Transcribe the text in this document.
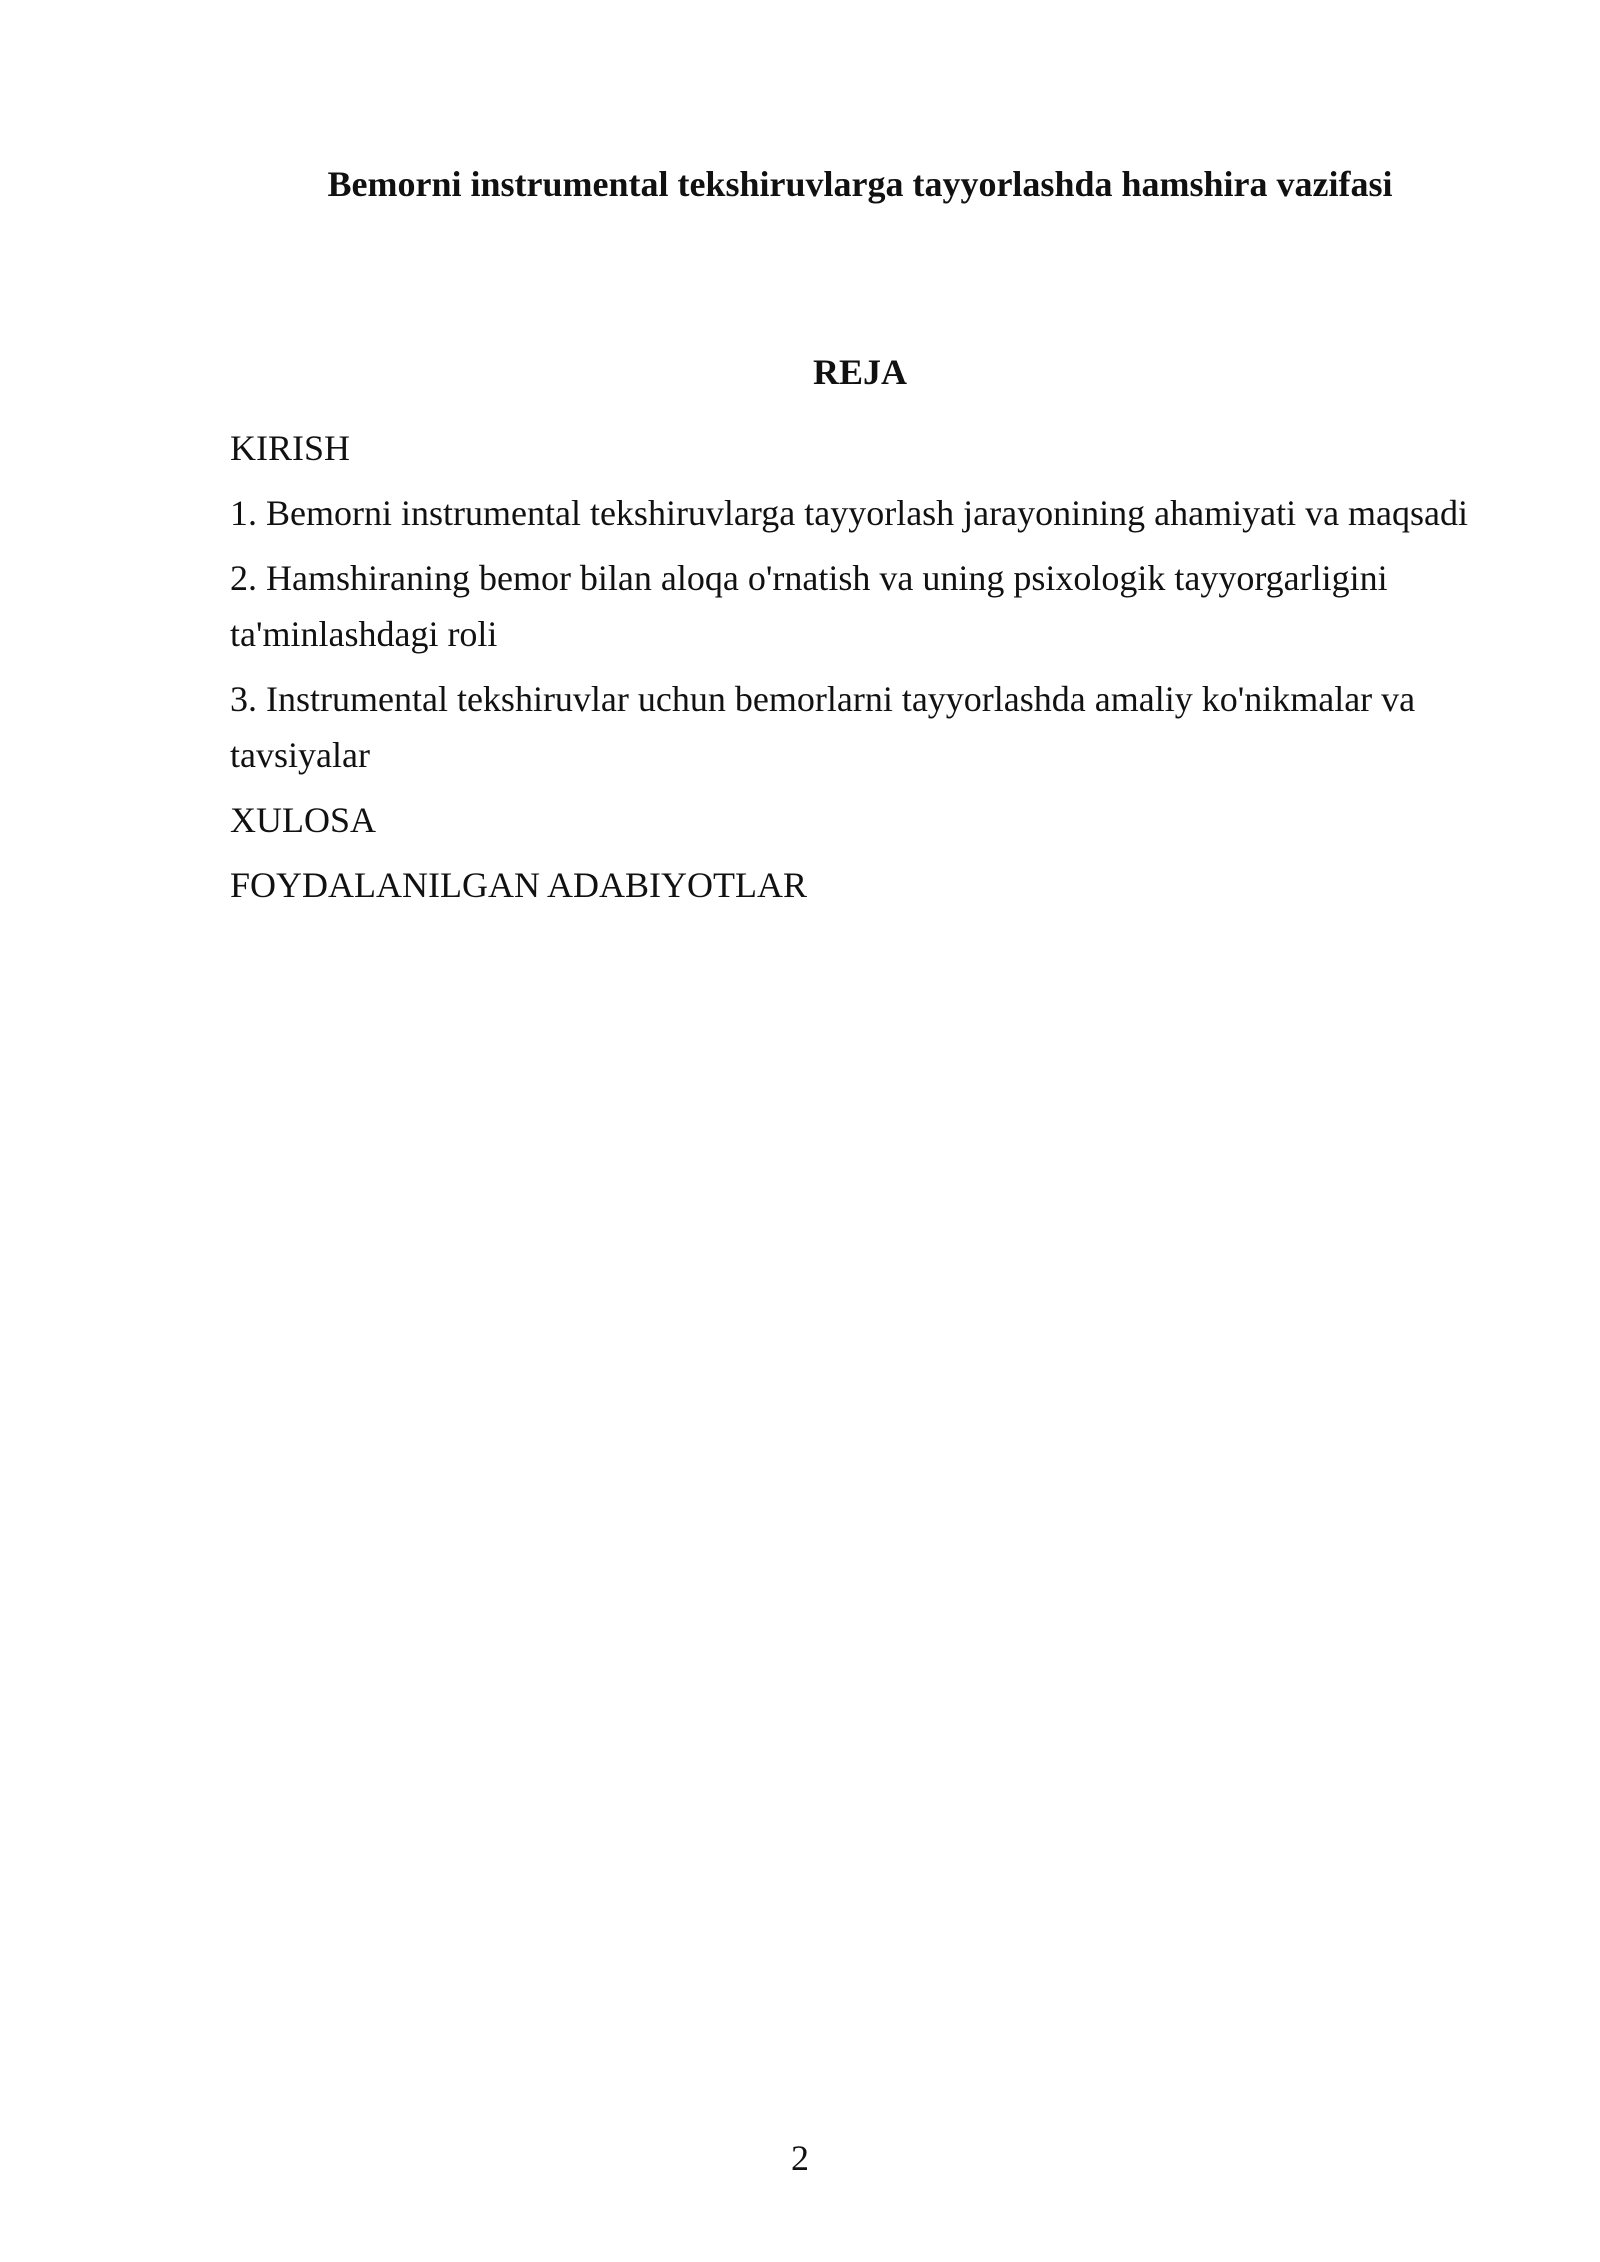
Bemorni instrumental tekshiruvlarga tayyorlashda hamshira vazifasi
REJA
KIRISH
1. Bemorni instrumental tekshiruvlarga tayyorlash jarayonining ahamiyati va maqsadi
2. Hamshiraning bemor bilan aloqa o'rnatish va uning psixologik tayyorgarligini ta'minlashdagi roli
3. Instrumental tekshiruvlar uchun bemorlarni tayyorlashda amaliy ko'nikmalar va tavsiyalar
XULOSA
FOYDALANILGAN ADABIYOTLAR
2
